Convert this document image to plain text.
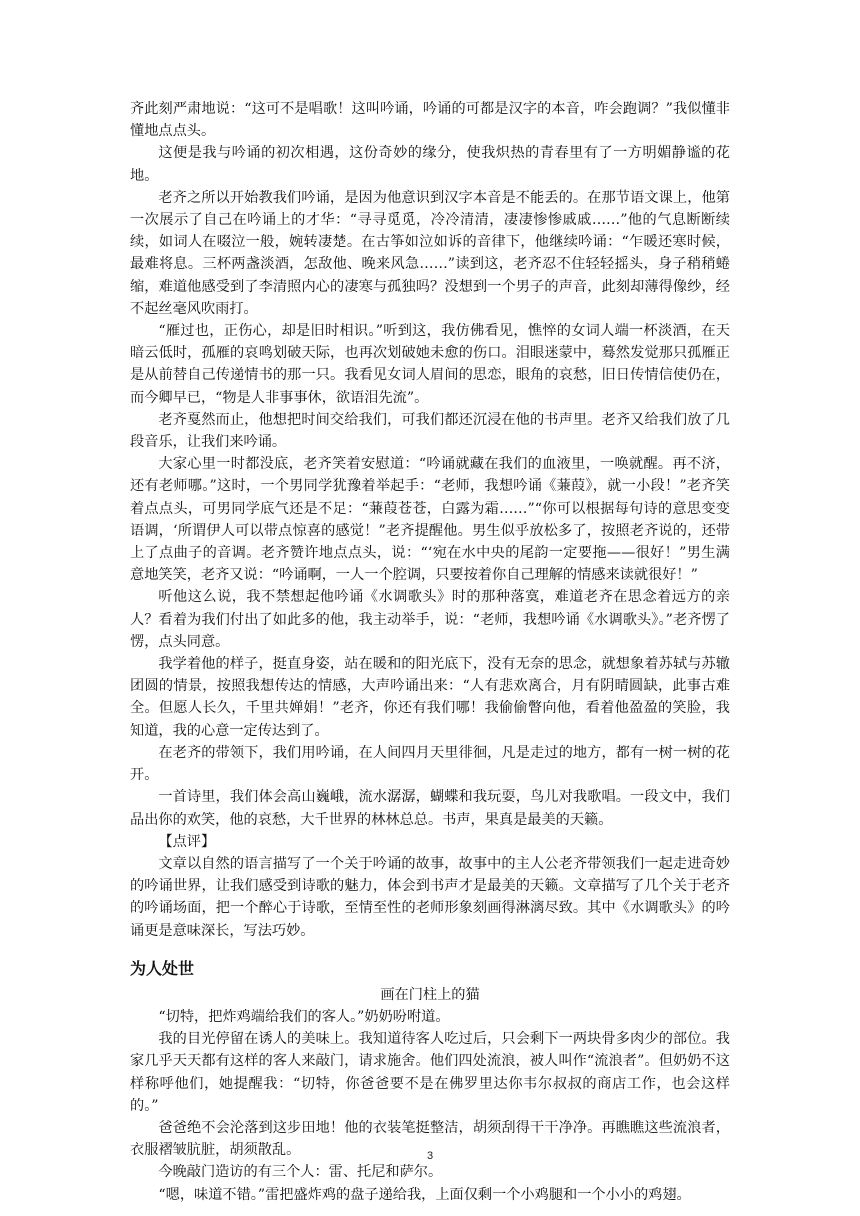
齐此刻严肃地说：“这可不是唱歌！这叫吟诵，吟诵的可都是汉字的本音，咋会跑调？”我似懂非懂地点点头。

这便是我与吟诵的初次相遇，这份奇妙的缘分，使我炽热的青春里有了一方明媚静谧的花地。

老齐之所以开始教我们吟诵，是因为他意识到汉字本音是不能丢的。在那节语文课上，他第一次展示了自己在吟诵上的才华：“寻寻觅觅，冷冷清清，凄凄惨惨戚戚……”他的气息断断续续，如词人在啜泣一般，婉转凄楚。在古筝如泣如诉的音律下，他继续吟诵：“乍暖还寒时候，最难将息。三杯两盏淡酒，怎敌他、晚来风急……”读到这，老齐忍不住轻轻摇头，身子稍稍蜷缩，难道他感受到了李清照内心的凄寒与孤独吗？没想到一个男子的声音，此刻却薄得像纱，经不起丝毫风吹雨打。

“雁过也，正伤心，却是旧时相识。”听到这，我仿佛看见，憔悴的女词人端一杯淡酒，在天暗云低时，孤雁的哀鸣划破天际，也再次划破她未愈的伤口。泪眼迷蒙中，蓦然发觉那只孤雁正是从前替自己传递情书的那一只。我看见女词人眉间的思恋，眼角的哀愁，旧日传情信使仍在，而今卿早已，“物是人非事事休，欲语泪先流”。

老齐戛然而止，他想把时间交给我们，可我们都还沉浸在他的书声里。老齐又给我们放了几段音乐，让我们来吟诵。

大家心里一时都没底，老齐笑着安慰道：“吟诵就藏在我们的血液里，一唤就醒。再不济，还有老师哪。”这时，一个男同学犹豫着举起手：“老师，我想吟诵《蒹葭》，就一小段！”老齐笑着点点头，可男同学底气还是不足：“蒹葭苍苍，白露为霜……”“你可以根据每句诗的意思变变语调，‘所谓伊人可以带点惊喜的感觉！”老齐提醒他。男生似乎放松多了，按照老齐说的，还带上了点曲子的音调。老齐赞许地点点头，说：“‘宛在水中央的尾韵一定要拖——很好！”男生满意地笑笑，老齐又说：“吟诵啊，一人一个腔调，只要按着你自己理解的情感来读就很好！”

听他这么说，我不禁想起他吟诵《水调歌头》时的那种落寞，难道老齐在思念着远方的亲人？看着为我们付出了如此多的他，我主动举手，说：“老师，我想吟诵《水调歌头》。”老齐愣了愣，点头同意。

我学着他的样子，挺直身姿，站在暖和的阳光底下，没有无奈的思念，就想象着苏轼与苏辙团圆的情景，按照我想传达的情感，大声吟诵出来：“人有悲欢离合，月有阴晴圆缺，此事古难全。但愿人长久，千里共婵娟！”老齐，你还有我们哪！我偷偷瞥向他，看着他盈盈的笑脸，我知道，我的心意一定传达到了。

在老齐的带领下，我们用吟诵，在人间四月天里徘徊，凡是走过的地方，都有一树一树的花开。

一首诗里，我们体会高山巍峨，流水潺潺，蝴蝶和我玩耍，鸟儿对我歌唱。一段文中，我们品出你的欢笑，他的哀愁，大千世界的林林总总。书声，果真是最美的天籁。

【点评】

文章以自然的语言描写了一个关于吟诵的故事，故事中的主人公老齐带领我们一起走进奇妙的吟诵世界，让我们感受到诗歌的魅力，体会到书声才是最美的天籁。文章描写了几个关于老齐的吟诵场面，把一个醉心于诗歌，至情至性的老师形象刻画得淋漓尽致。其中《水调歌头》的吟诵更是意味深长，写法巧妙。

为人处世

画在门柱上的猫

“切特，把炸鸡端给我们的客人。”奶奶吩咐道。

我的目光停留在诱人的美味上。我知道待客人吃过后，只会剩下一两块骨多肉少的部位。我家几乎天天都有这样的客人来敲门，请求施舍。他们四处流浪，被人叫作“流浪者”。但奶奶不这样称呼他们，她提醒我：“切特，你爸爸要不是在佛罗里达你韦尔叔叔的商店工作，也会这样的。”

爸爸绝不会沦落到这步田地！他的衣装笔挺整洁，胡须刮得干干净净。再瞧瞧这些流浪者，衣服褶皱肮脏，胡须散乱。

今晚敲门造访的有三个人：雷、托尼和萨尔。

“嗯，味道不错。”雷把盛炸鸡的盘子递给我，上面仅剩一个小鸡腿和一个小小的鸡翅。

3
